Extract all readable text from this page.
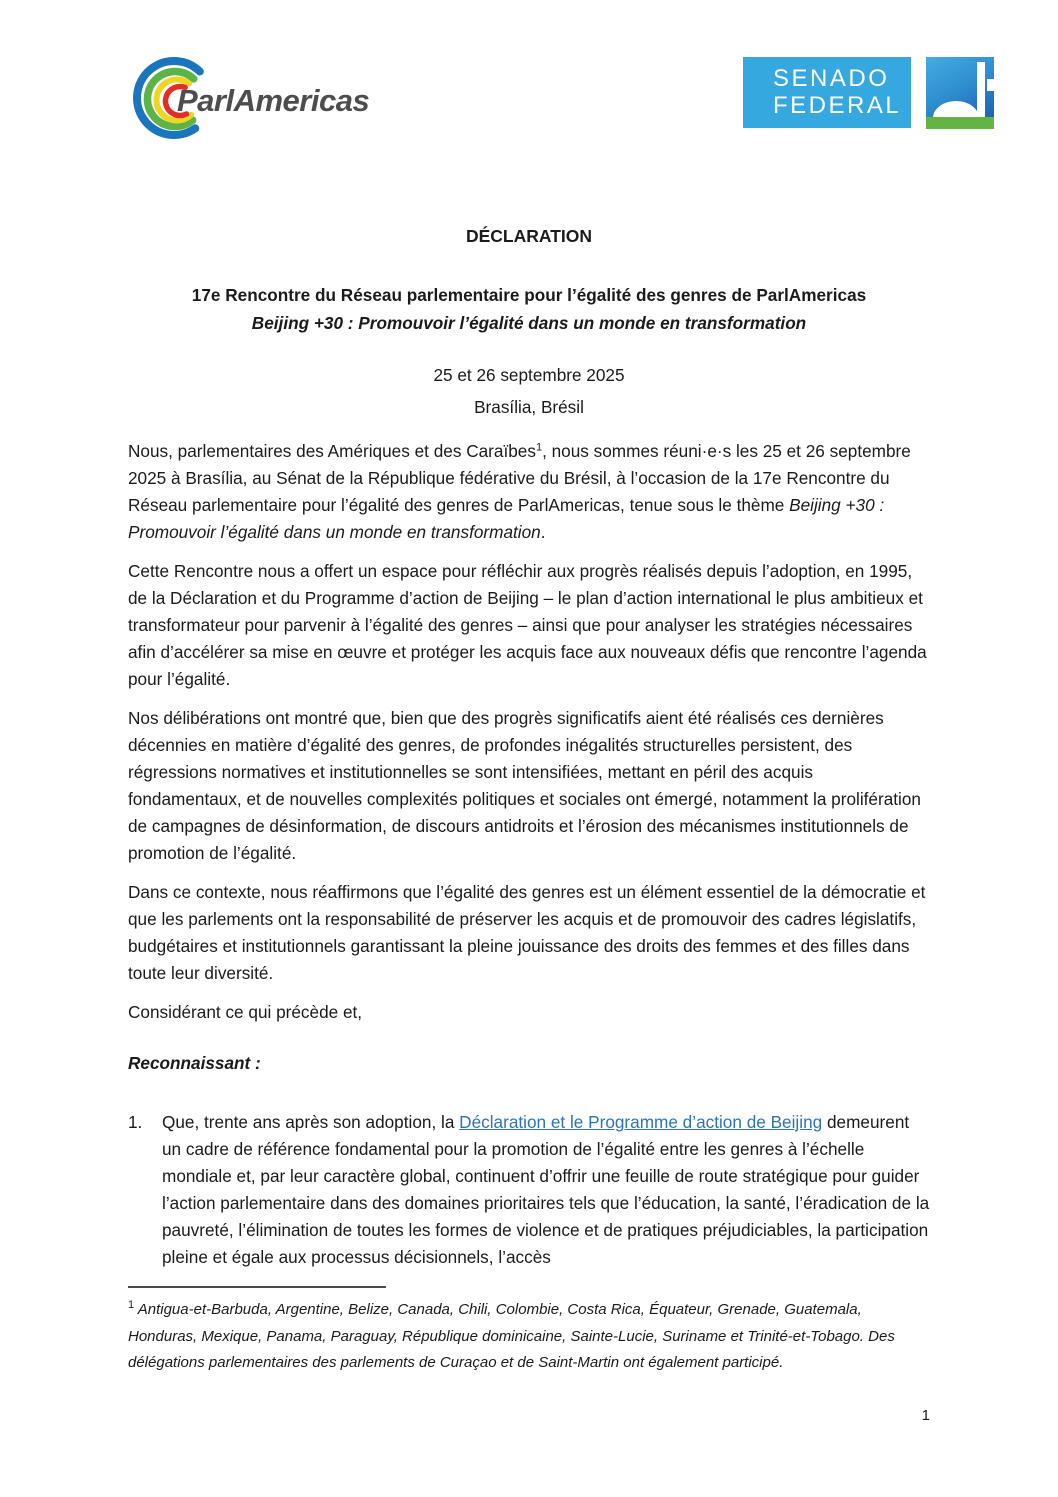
ParlAmericas
SENADO
FEDERAL

DÉCLARATION

17e Rencontre du Réseau parlementaire pour l’égalité des genres de ParlAmericas

Beijing +30 : Promouvoir l’égalité dans un monde en transformation

25 et 26 septembre 2025

Brasília, Brésil

Nous, parlementaires des Amériques et des Caraïbes$^1$, nous sommes réuni·e·s les 25 et 26 septembre 2025 à Brasília, au Sénat de la République fédérative du Brésil, à l’occasion de la 17e Rencontre du Réseau parlementaire pour l’égalité des genres de ParlAmericas, tenue sous le thème Beijing +30 : Promouvoir l’égalité dans un monde en transformation.

Cette Rencontre nous a offert un espace pour réfléchir aux progrès réalisés depuis l’adoption, en 1995, de la Déclaration et du Programme d’action de Beijing – le plan d’action international le plus ambitieux et transformateur pour parvenir à l’égalité des genres – ainsi que pour analyser les stratégies nécessaires afin d’accélérer sa mise en œuvre et protéger les acquis face aux nouveaux défis que rencontre l’agenda pour l’égalité.

Nos délibérations ont montré que, bien que des progrès significatifs aient été réalisés ces dernières décennies en matière d’égalité des genres, de profondes inégalités structurelles persistent, des régressions normatives et institutionnelles se sont intensifiées, mettant en péril des acquis fondamentaux, et de nouvelles complexités politiques et sociales ont émergé, notamment la prolifération de campagnes de désinformation, de discours antidroits et l’érosion des mécanismes institutionnels de promotion de l’égalité.

Dans ce contexte, nous réaffirmons que l’égalité des genres est un élément essentiel de la démocratie et que les parlements ont la responsabilité de préserver les acquis et de promouvoir des cadres législatifs, budgétaires et institutionnels garantissant la pleine jouissance des droits des femmes et des filles dans toute leur diversité.

Considérant ce qui précède et,

Reconnaissant :

1.	Que, trente ans après son adoption, la Déclaration et le Programme d’action de Beijing demeurent un cadre de référence fondamental pour la promotion de l’égalité entre les genres à l’échelle mondiale et, par leur caractère global, continuent d’offrir une feuille de route stratégique pour guider l’action parlementaire dans des domaines prioritaires tels que l’éducation, la santé, l’éradication de la pauvreté, l’élimination de toutes les formes de violence et de pratiques préjudiciables, la participation pleine et égale aux processus décisionnels, l’accès

$^1$ Antigua-et-Barbuda, Argentine, Belize, Canada, Chili, Colombie, Costa Rica, Équateur, Grenade, Guatemala, Honduras, Mexique, Panama, Paraguay, République dominicaine, Sainte-Lucie, Suriname et Trinité-et-Tobago. Des délégations parlementaires des parlements de Curaçao et de Saint-Martin ont également participé.

1
